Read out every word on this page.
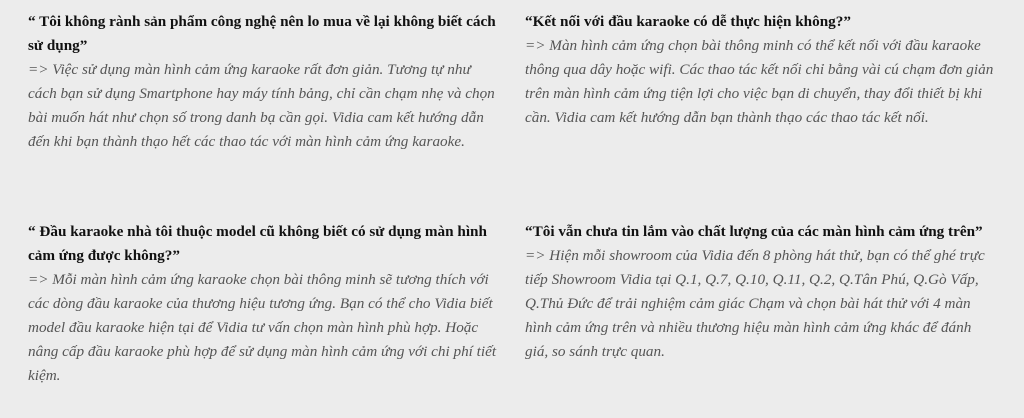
“ Tôi không rành sản phẩm công nghệ nên lo mua về lại không biết cách sử dụng”

=> Việc sử dụng màn hình cảm ứng karaoke rất đơn giản. Tương tự như cách bạn sử dụng Smartphone hay máy tính bảng, chỉ cần chạm nhẹ và chọn bài muốn hát như chọn số trong danh bạ cần gọi. Vidia cam kết hướng dẫn đến khi bạn thành thạo hết các thao tác với màn hình cảm ứng karaoke.

“Kết nối với đầu karaoke có dễ thực hiện không?”

=> Màn hình cảm ứng chọn bài thông minh có thể kết nối với đầu karaoke thông qua dây hoặc wifi. Các thao tác kết nối chỉ bằng vài cú chạm đơn giản trên màn hình cảm ứng tiện lợi cho việc bạn di chuyển, thay đổi thiết bị khi cần. Vidia cam kết hướng dẫn bạn thành thạo các thao tác kết nối.

“ Đầu karaoke nhà tôi thuộc model cũ không biết có sử dụng màn hình cảm ứng được không?”

=> Mỗi màn hình cảm ứng karaoke chọn bài thông minh sẽ tương thích với các dòng đầu karaoke của thương hiệu tương ứng. Bạn có thể cho Vidia biết model đầu karaoke hiện tại để Vidia tư vấn chọn màn hình phù hợp. Hoặc nâng cấp đầu karaoke phù hợp để sử dụng màn hình cảm ứng với chi phí tiết kiệm.

“Tôi vẫn chưa tin lắm vào chất lượng của các màn hình cảm ứng trên”

=> Hiện mỗi showroom của Vidia đến 8 phòng hát thử, bạn có thể ghé trực tiếp Showroom Vidia tại Q.1, Q.7, Q.10, Q.11, Q.2, Q.Tân Phú, Q.Gò Vấp, Q.Thủ Đức để trải nghiệm cảm giác Chạm và chọn bài hát thử với 4 màn hình cảm ứng trên và nhiều thương hiệu màn hình cảm ứng khác để đánh giá, so sánh trực quan.
